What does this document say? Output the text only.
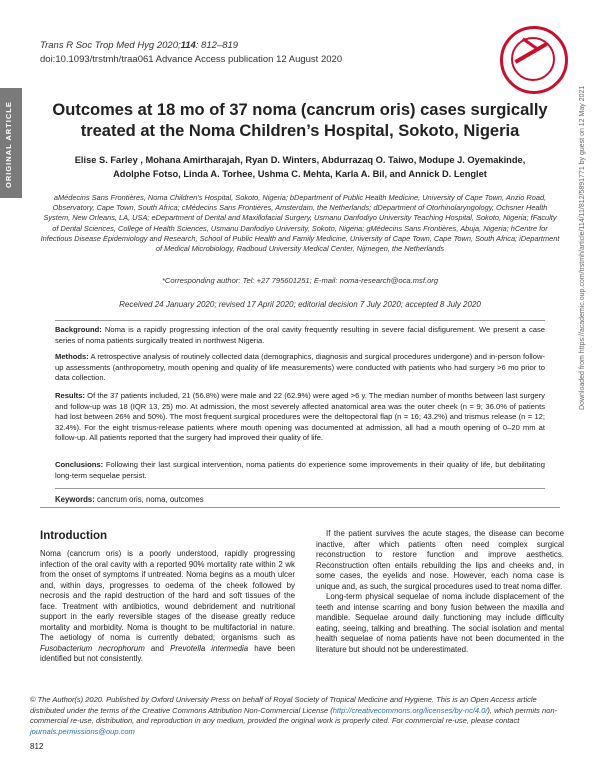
ORIGINAL ARTICLE
Trans R Soc Trop Med Hyg 2020;114: 812–819
doi:10.1093/trstmh/traa061 Advance Access publication 12 August 2020
Outcomes at 18 mo of 37 noma (cancrum oris) cases surgically treated at the Noma Children’s Hospital, Sokoto, Nigeria
Elise S. Farley , Mohana Amirtharajah, Ryan D. Winters, Abdurrazaq O. Taiwo, Modupe J. Oyemakinde,
Adolphe Fotso, Linda A. Torhee, Ushma C. Mehta, Karla A. Bil, and Annick D. Lenglet
aMédecins Sans Frontières, Noma Children’s Hospital, Sokoto, Nigeria; bDepartment of Public Health Medicine, University of Cape Town, Anzio Road, Observatory, Cape Town, South Africa; cMédecins Sans Frontières, Amsterdam, the Netherlands; dDepartment of Otorhinolaryngology, Ochsner Health System, New Orleans, LA, USA; eDepartment of Dental and Maxillofacial Surgery, Usmanu Danfodiyo University Teaching Hospital, Sokoto, Nigeria; fFaculty of Dental Sciences, College of Health Sciences, Usmanu Danfodiyo University, Sokoto, Nigeria; gMédecins Sans Frontières, Abuja, Nigeria; hCentre for Infectious Disease Epidemiology and Research, School of Public Health and Family Medicine, University of Cape Town, Cape Town, South Africa; iDepartment of Medical Microbiology, Radboud University Medical Center, Nijmegen, the Netherlands
*Corresponding author: Tel: +27 795601251; E-mail: noma-research@oca.msf.org
Received 24 January 2020; revised 17 April 2020; editorial decision 7 July 2020; accepted 8 July 2020
Background: Noma is a rapidly progressing infection of the oral cavity frequently resulting in severe facial disfigurement. We present a case series of noma patients surgically treated in northwest Nigeria.
Methods: A retrospective analysis of routinely collected data (demographics, diagnosis and surgical procedures undergone) and in-person follow-up assessments (anthropometry, mouth opening and quality of life measurements) were conducted with patients who had surgery >6 mo prior to data collection.
Results: Of the 37 patients included, 21 (56.8%) were male and 22 (62.9%) were aged >6 y. The median number of months between last surgery and follow-up was 18 (IQR 13, 25) mo. At admission, the most severely affected anatomical area was the outer cheek (n = 9; 36.0% of patients had lost between 26% and 50%). The most frequent surgical procedures were the deltopectoral flap (n = 16; 43.2%) and trismus release (n = 12; 32.4%). For the eight trismus-release patients where mouth opening was documented at admission, all had a mouth opening of 0–20 mm at follow-up. All patients reported that the surgery had improved their quality of life.
Conclusions: Following their last surgical intervention, noma patients do experience some improvements in their quality of life, but debilitating long-term sequelae persist.
Keywords: cancrum oris, noma, outcomes
Introduction

Noma (cancrum oris) is a poorly understood, rapidly progressing infection of the oral cavity with a reported 90% mortality rate within 2 wk from the onset of symptoms if untreated. Noma begins as a mouth ulcer and, within days, progresses to oedema of the cheek followed by necrosis and the rapid destruction of the hard and soft tissues of the face. Treatment with antibiotics, wound debridement and nutritional support in the early reversible stages of the disease greatly reduce mortality and morbidity. Noma is thought to be multifactorial in nature. The aetiology of noma is currently debated; organisms such as Fusobacterium necrophorum and Prevotella intermedia have been identified but not consistently.

If the patient survives the acute stages, the disease can become inactive, after which patients often need complex surgical reconstruction to restore function and improve aesthetics. Reconstruction often entails rebuilding the lips and cheeks and, in some cases, the eyelids and nose. However, each noma case is unique and, as such, the surgical procedures used to treat noma differ.

Long-term physical sequelae of noma include displacement of the teeth and intense scarring and bony fusion between the maxilla and mandible. Sequelae around daily functioning may include difficulty eating, seeing, talking and breathing. The social isolation and mental health sequelae of noma patients have not been documented in the literature but should not be underestimated.

© The Author(s) 2020. Published by Oxford University Press on behalf of Royal Society of Tropical Medicine and Hygiene. This is an Open Access article distributed under the terms of the Creative Commons Attribution Non-Commercial License (http://creativecommons.org/licenses/by-nc/4.0/), which permits non-commercial re-use, distribution, and reproduction in any medium, provided the original work is properly cited. For commercial re-use, please contact journals.permissions@oup.com
812
Downloaded from https://academic.oup.com/trstmh/article/114/11/812/5891771 by guest on 12 May 2021
